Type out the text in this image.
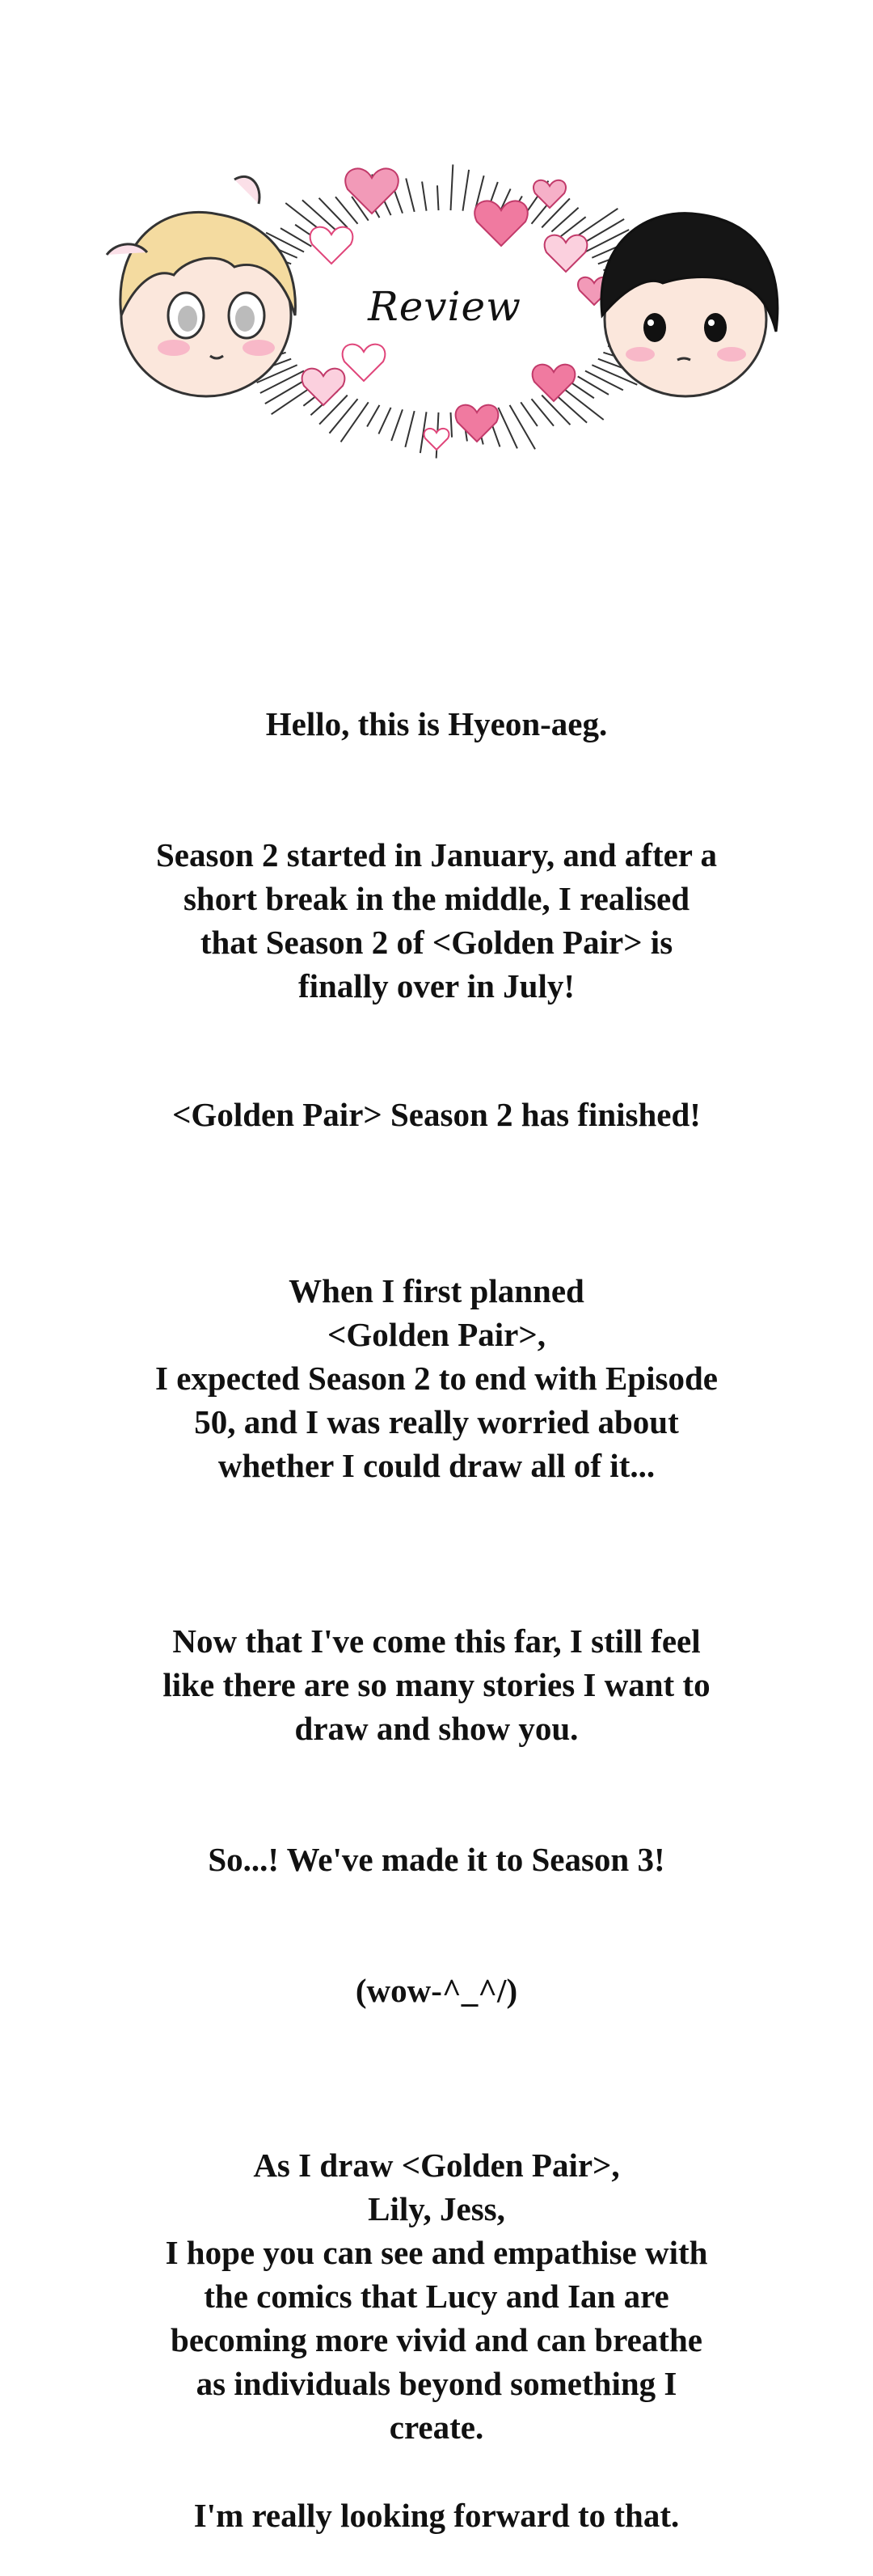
Review

Hello, this is Hyeon-aeg.

Season 2 started in January, and after a short break in the middle, I realised that Season 2 of <Golden Pair> is finally over in July!

<Golden Pair> Season 2 has finished!

When I first planned
<Golden Pair>,
I expected Season 2 to end with Episode 50, and I was really worried about whether I could draw all of it...

Now that I've come this far, I still feel like there are so many stories I want to draw and show you.

So...! We've made it to Season 3!

(wow-^_^/)

As I draw <Golden Pair>,
Lily, Jess,
I hope you can see and empathise with the comics that Lucy and Ian are becoming more vivid and can breathe as individuals beyond something I create.

I'm really looking forward to that.
